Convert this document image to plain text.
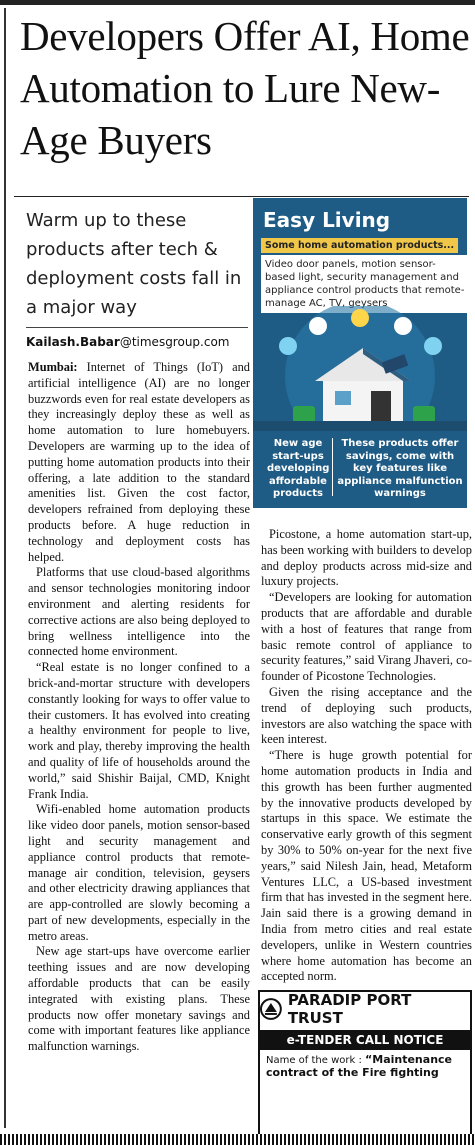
Developers Offer AI, Home Automation to Lure New-Age Buyers

Warm up to these products after tech & deployment costs fall in a major way

Kailash.Babar@timesgroup.com

Mumbai: Internet of Things (IoT) and artificial intelligence (AI) are no longer buzzwords even for real estate developers as they increasingly deploy these as well as home automation to lure homebuyers. Developers are warming up to the idea of putting home automation products into their offering, a late addition to the standard amenities list. Given the cost factor, developers refrained from deploying these products before. A huge reduction in technology and deployment costs has helped.

Platforms that use cloud-based algorithms and sensor technologies monitoring indoor environment and alerting residents for corrective actions are also being deployed to bring wellness intelligence into the connected home environment.

“Real estate is no longer confined to a brick-and-mortar structure with developers constantly looking for ways to offer value to their customers. It has evolved into creating a healthy environment for people to live, work and play, thereby improving the health and quality of life of households around the world,” said Shishir Baijal, CMD, Knight Frank India.

Wifi-enabled home automation products like video door panels, motion sensor-based light and security management and appliance control products that remote-manage air condition, television, geysers and other electricity drawing appliances that are app-controlled are slowly becoming a part of new developments, especially in the metro areas.

New age start-ups have overcome earlier teething issues and are now developing affordable products that can be easily integrated with existing plans. These products now offer monetary savings and come with important features like appliance malfunction warnings.

Picostone, a home automation start-up, has been working with builders to develop and deploy products across mid-size and luxury projects.

“Developers are looking for automation products that are affordable and durable with a host of features that range from basic remote control of appliance to security features,” said Virang Jhaveri, co-founder of Picostone Technologies.

Given the rising acceptance and the trend of deploying such products, investors are also watching the space with keen interest.

“There is huge growth potential for home automation products in India and this growth has been further augmented by the innovative products developed by startups in this space. We estimate the conservative early growth of this segment by 30% to 50% on-year for the next five years,” said Nilesh Jain, head, Metaform Ventures LLC, a US-based investment firm that has invested in the segment here. Jain said there is a growing demand in India from metro cities and real estate developers, unlike in Western countries where home automation has become an accepted norm.

Easy Living
Some home automation products...
Video door panels, motion sensor-based light, security management and appliance control products that remote-manage AC, TV, geysers
New age start-ups developing affordable products
These products offer savings, come with key features like appliance malfunction warnings
PARADIP PORT TRUST
e-TENDER CALL NOTICE
Name of the work : “Maintenance contract of the Fire fighting
